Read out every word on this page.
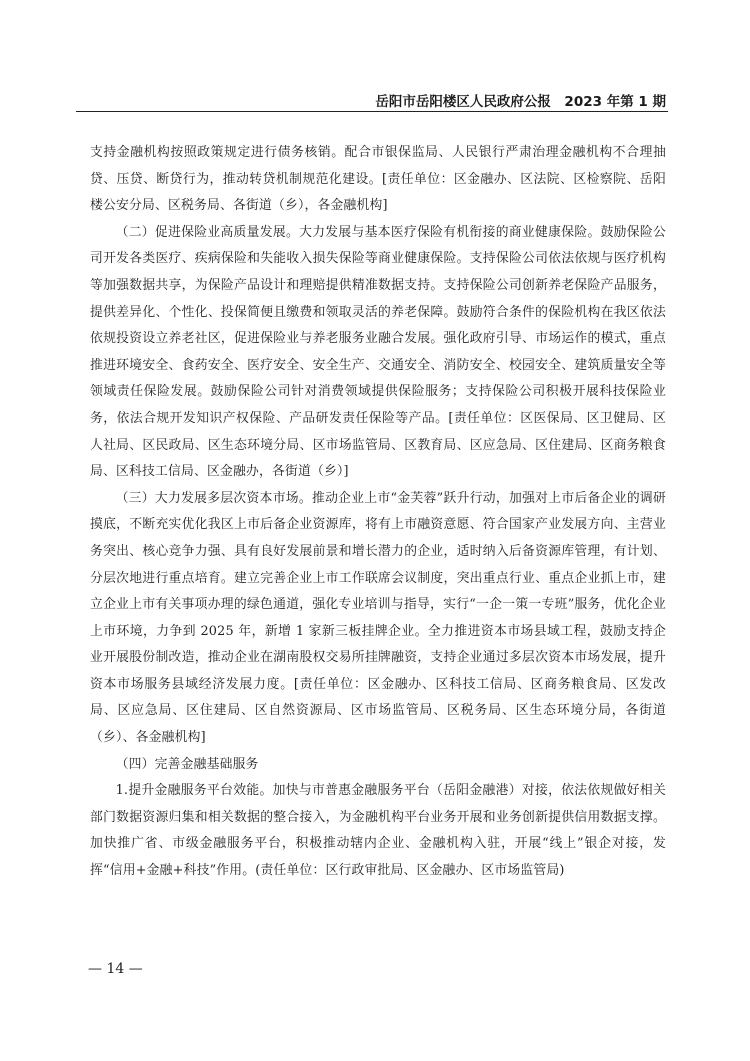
岳阳市岳阳楼区人民政府公报　2023 年第 1 期

支持金融机构按照政策规定进行债务核销。配合市银保监局、人民银行严肃治理金融机构不合理抽贷、压贷、断贷行为，推动转贷机制规范化建设。[责任单位：区金融办、区法院、区检察院、岳阳楼公安分局、区税务局、各街道（乡），各金融机构]

（二）促进保险业高质量发展。大力发展与基本医疗保险有机衔接的商业健康保险。鼓励保险公司开发各类医疗、疾病保险和失能收入损失保险等商业健康保险。支持保险公司依法依规与医疗机构等加强数据共享，为保险产品设计和理赔提供精准数据支持。支持保险公司创新养老保险产品服务，提供差异化、个性化、投保简便且缴费和领取灵活的养老保障。鼓励符合条件的保险机构在我区依法依规投资设立养老社区，促进保险业与养老服务业融合发展。强化政府引导、市场运作的模式，重点推进环境安全、食药安全、医疗安全、安全生产、交通安全、消防安全、校园安全、建筑质量安全等领域责任保险发展。鼓励保险公司针对消费领域提供保险服务；支持保险公司积极开展科技保险业务，依法合规开发知识产权保险、产品研发责任保险等产品。[责任单位：区医保局、区卫健局、区人社局、区民政局、区生态环境分局、区市场监管局、区教育局、区应急局、区住建局、区商务粮食局、区科技工信局、区金融办，各街道（乡）]

（三）大力发展多层次资本市场。推动企业上市“金芙蓉”跃升行动，加强对上市后备企业的调研摸底，不断充实优化我区上市后备企业资源库，将有上市融资意愿、符合国家产业发展方向、主营业务突出、核心竞争力强、具有良好发展前景和增长潜力的企业，适时纳入后备资源库管理，有计划、分层次地进行重点培育。建立完善企业上市工作联席会议制度，突出重点行业、重点企业抓上市，建立企业上市有关事项办理的绿色通道，强化专业培训与指导，实行“一企一策一专班”服务，优化企业上市环境，力争到 2025 年，新增 1 家新三板挂牌企业。全力推进资本市场县域工程，鼓励支持企业开展股份制改造，推动企业在湖南股权交易所挂牌融资，支持企业通过多层次资本市场发展，提升资本市场服务县域经济发展力度。[责任单位：区金融办、区科技工信局、区商务粮食局、区发改局、区应急局、区住建局、区自然资源局、区市场监管局、区税务局、区生态环境分局，各街道（乡）、各金融机构]

（四）完善金融基础服务

1.提升金融服务平台效能。加快与市普惠金融服务平台（岳阳金融港）对接，依法依规做好相关部门数据资源归集和相关数据的整合接入，为金融机构平台业务开展和业务创新提供信用数据支撑。加快推广省、市级金融服务平台，积极推动辖内企业、金融机构入驻，开展“线上”银企对接，发挥“信用+金融+科技”作用。(责任单位：区行政审批局、区金融办、区市场监管局)

— 14 —
